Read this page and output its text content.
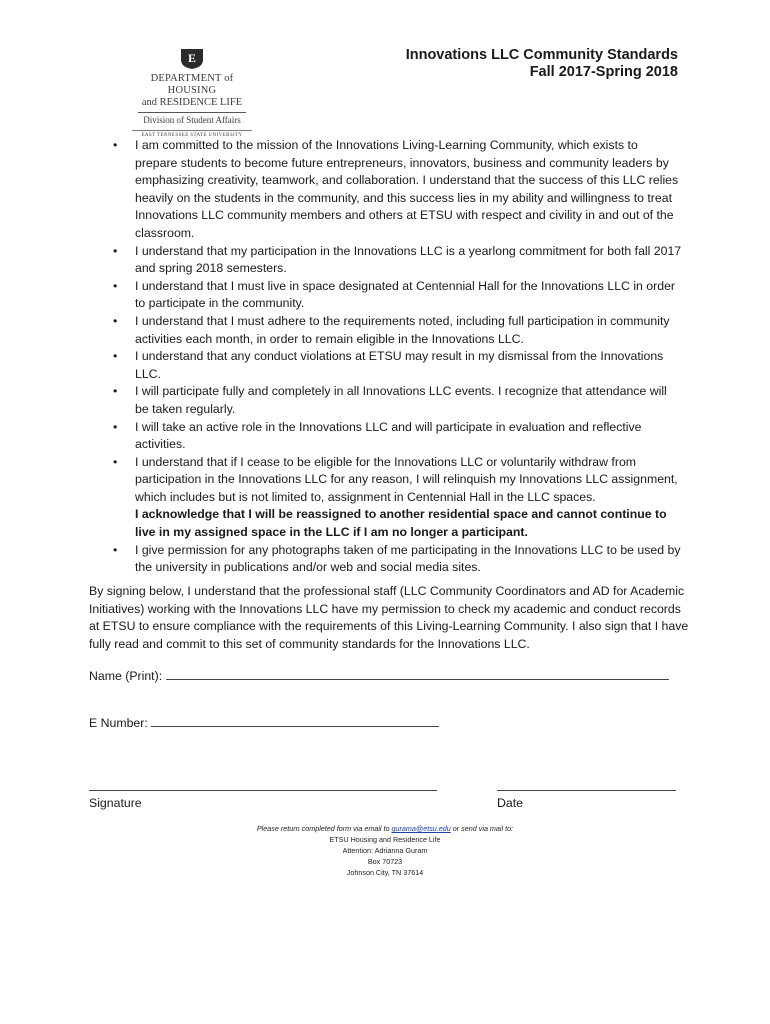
E
DEPARTMENT of HOUSING
and RESIDENCE LIFE
Division of Student Affairs
EAST TENNESSEE STATE UNIVERSITY
Innovations LLC Community Standards
Fall 2017-Spring 2018
• I am committed to the mission of the Innovations Living-Learning Community, which exists to prepare students to become future entrepreneurs, innovators, business and community leaders by emphasizing creativity, teamwork, and collaboration. I understand that the success of this LLC relies heavily on the students in the community, and this success lies in my ability and willingness to treat Innovations LLC community members and others at ETSU with respect and civility in and out of the classroom.
• I understand that my participation in the Innovations LLC is a yearlong commitment for both fall 2017 and spring 2018 semesters.
• I understand that I must live in space designated at Centennial Hall for the Innovations LLC in order to participate in the community.
• I understand that I must adhere to the requirements noted, including full participation in community activities each month, in order to remain eligible in the Innovations LLC.
• I understand that any conduct violations at ETSU may result in my dismissal from the Innovations LLC.
• I will participate fully and completely in all Innovations LLC events. I recognize that attendance will be taken regularly.
• I will take an active role in the Innovations LLC and will participate in evaluation and reflective activities.
• I understand that if I cease to be eligible for the Innovations LLC or voluntarily withdraw from participation in the Innovations LLC for any reason, I will relinquish my Innovations LLC assignment, which includes but is not limited to, assignment in Centennial Hall in the LLC spaces.
I acknowledge that I will be reassigned to another residential space and cannot continue to live in my assigned space in the LLC if I am no longer a participant.
• I give permission for any photographs taken of me participating in the Innovations LLC to be used by the university in publications and/or web and social media sites.

By signing below, I understand that the professional staff (LLC Community Coordinators and AD for Academic Initiatives) working with the Innovations LLC have my permission to check my academic and conduct records at ETSU to ensure compliance with the requirements of this Living-Learning Community. I also sign that I have fully read and commit to this set of community standards for the Innovations LLC.

Name (Print):
E Number:
Signature	Date
Please return completed form via email to gurama@etsu.edu or send via mail to:
ETSU Housing and Residence Life
Attention: Adrianna Guram
Box 70723
Johnson City, TN 37614
